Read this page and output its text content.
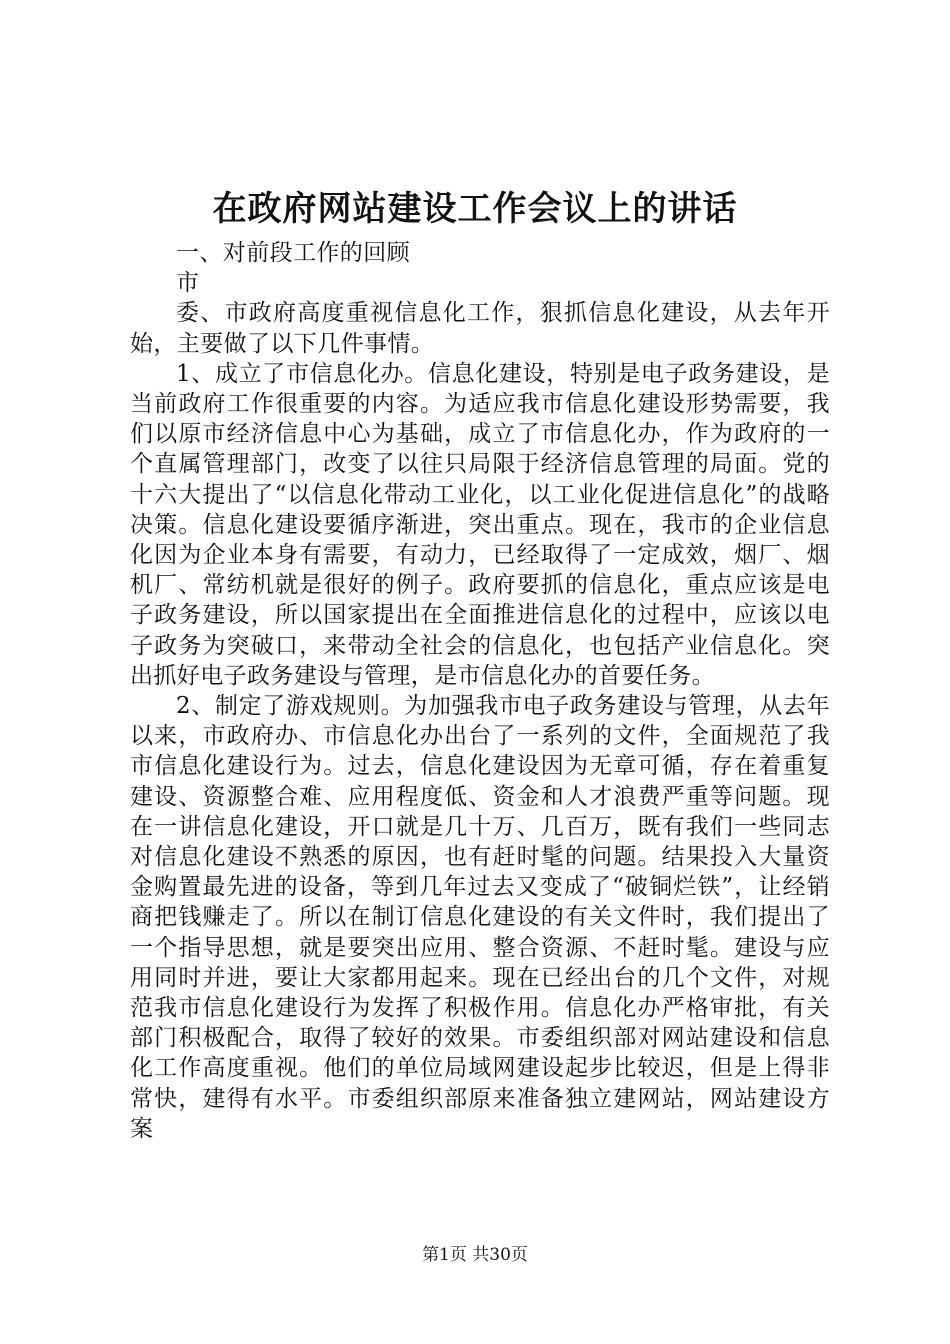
在政府网站建设工作会议上的讲话

一、对前段工作的回顾

市

委、市政府高度重视信息化工作，狠抓信息化建设，从去年开始，主要做了以下几件事情。

1、成立了市信息化办。信息化建设，特别是电子政务建设，是当前政府工作很重要的内容。为适应我市信息化建设形势需要，我们以原市经济信息中心为基础，成立了市信息化办，作为政府的一个直属管理部门，改变了以往只局限于经济信息管理的局面。党的十六大提出了“以信息化带动工业化，以工业化促进信息化”的战略决策。信息化建设要循序渐进，突出重点。现在，我市的企业信息化因为企业本身有需要，有动力，已经取得了一定成效，烟厂、烟机厂、常纺机就是很好的例子。政府要抓的信息化，重点应该是电子政务建设，所以国家提出在全面推进信息化的过程中，应该以电子政务为突破口，来带动全社会的信息化，也包括产业信息化。突出抓好电子政务建设与管理，是市信息化办的首要任务。

2、制定了游戏规则。为加强我市电子政务建设与管理，从去年以来，市政府办、市信息化办出台了一系列的文件，全面规范了我市信息化建设行为。过去，信息化建设因为无章可循，存在着重复建设、资源整合难、应用程度低、资金和人才浪费严重等问题。现在一讲信息化建设，开口就是几十万、几百万，既有我们一些同志对信息化建设不熟悉的原因，也有赶时髦的问题。结果投入大量资金购置最先进的设备，等到几年过去又变成了“破铜烂铁”，让经销商把钱赚走了。所以在制订信息化建设的有关文件时，我们提出了一个指导思想，就是要突出应用、整合资源、不赶时髦。建设与应用同时并进，要让大家都用起来。现在已经出台的几个文件，对规范我市信息化建设行为发挥了积极作用。信息化办严格审批，有关部门积极配合，取得了较好的效果。市委组织部对网站建设和信息化工作高度重视。他们的单位局域网建设起步比较迟，但是上得非常快，建得有水平。市委组织部原来准备独立建网站，网站建设方案

第1页 共30页
